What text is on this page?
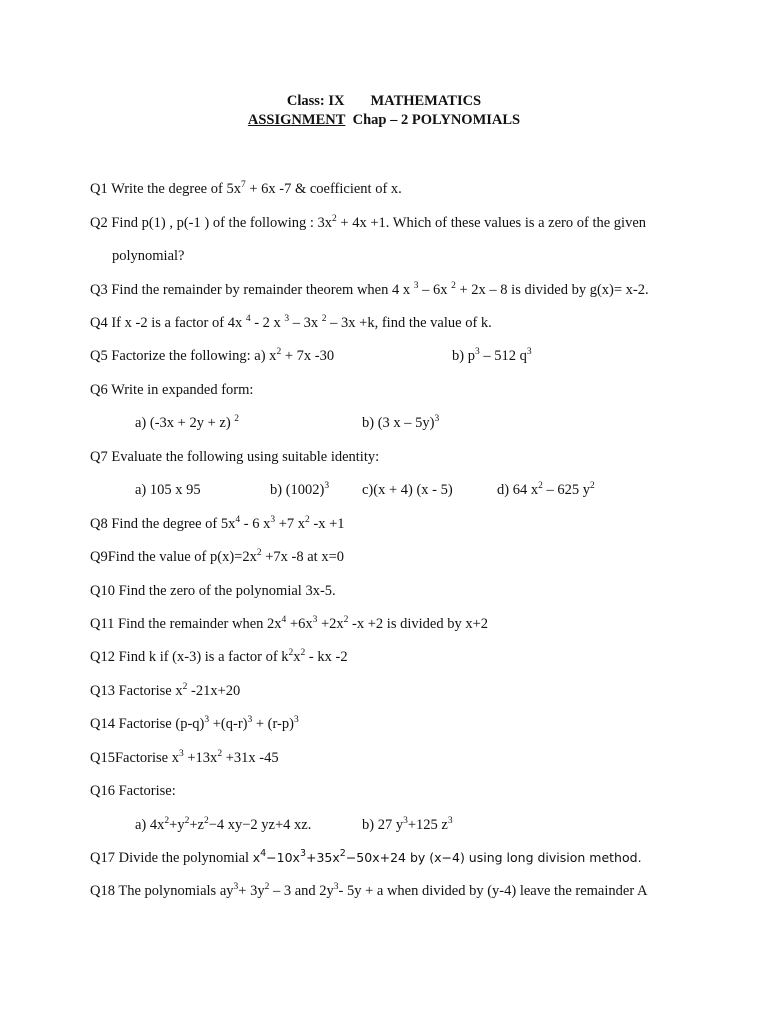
Class: IX MATHEMATICS
ASSIGNMENT Chap – 2 POLYNOMIALS
Q1 Write the degree of $5x^7 + 6x$ -7 & coefficient of x.
Q2 Find p(1) , p(-1 ) of the following : $3x^2 + 4x +1$. Which of these values is a zero of the given
polynomial?
Q3 Find the remainder by remainder theorem when 4 x $^3$ – 6x $^2$ + 2x – 8 is divided by g(x)= x-2.
Q4 If x -2 is a factor of 4x $^4$ - 2 x $^3$ – 3x $^2$ – 3x +k, find the value of k.
Q5 Factorize the following: a) $x^2 + 7x$ -30	b) $p^3 - 512$ $q^3$
Q6 Write in expanded form:
a) (-3x + 2y + z) $^2$	b) (3 x – 5y)$^3$
Q7 Evaluate the following using suitable identity:
a) 105 x 95	b) $(1002)^3$ c)(x + 4) (x - 5)	d) 64 $x^2 - 625$ $y^2$
Q8 Find the degree of $5x^4 - 6$ $x^3 +7$ $x^2$ -x +1
Q9Find the value of $p(x)=2x^2 +7x$ -8 at x=0
Q10 Find the zero of the polynomial 3x-5.
Q11 Find the remainder when $2x^4 +6x^3 +2x^2$ -x +2 is divided by x+2
Q12 Find k if (x-3) is a factor of $k^2x^2$ - kx -2
Q13 Factorise $x^2$ -21x+20
Q14 Factorise $(p-q)^3 +(q-r)^3 + (r-p)^3$
Q15Factorise $x^3 +13x^2 +31x$ -45
Q16 Factorise:
a) $4x^2+y^2+z^2-4$ xy−2 yz+4 xz.	b) 27 $y^3+125$ $z^3$
Q17 Divide the polynomial $x^4-10x^3+35x^2-50x+24$ by (x−4) using long division method.
Q18 The polynomials $ay^3+ 3y^2 - 3$ and $2y^3-$ 5y + a when divided by (y-4) leave the remainder A
